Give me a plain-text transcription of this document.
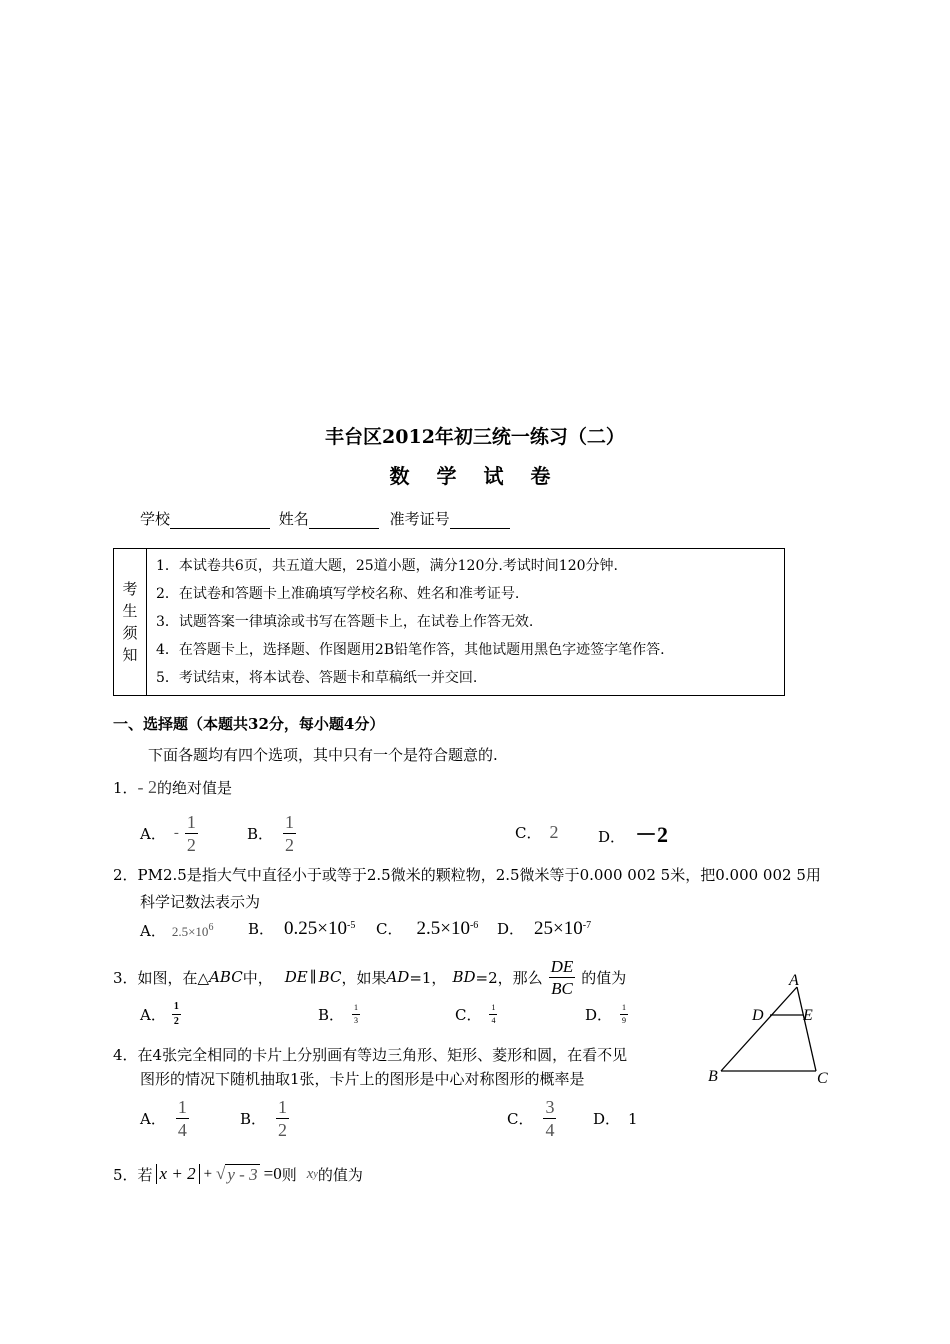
丰台区2012年初三统一练习（二）
数 学 试 卷
学校	姓名	准考证号
考
生
须
知

1．本试卷共6页，共五道大题，25道小题，满分120分.考试时间120分钟.
2．在试卷和答题卡上准确填写学校名称、姓名和准考证号.
3．试题答案一律填涂或书写在答题卡上，在试卷上作答无效.
4．在答题卡上，选择题、作图题用2B铅笔作答，其他试题用黑色字迹签字笔作答.
5．考试结束，将本试卷、答题卡和草稿纸一并交回.
一、选择题（本题共32分，每小题4分）
下面各题均有四个选项，其中只有一个是符合题意的.
1．- 2的绝对值是
A． - $\frac{1}{2}$	B． $\frac{1}{2}$	C． 2	D． －2
2．PM2.5是指大气中直径小于或等于2.5微米的颗粒物，2.5微米等于0.000 002 5米，把0.000 002 5用
科学记数法表示为
A． $2.5\times 10^6$ B． $0.25\times 10^{-5}$ C． $2.5\times 10^{-6}$ D． $25\times 10^{-7}$
3．如图，在△ ABC 中， DE ∥ BC ，如果 AD =1， BD =2，那么 $\frac{DE}{BC}$ 的值为
A． $\frac{1}{2}$	B． $\frac{1}{3}$	C． $\frac{1}{4}$	D． $\frac{1}{9}$
A
D E
B	C
4．在4张完全相同的卡片上分别画有等边三角形、矩形、菱形和圆，在看不见
图形的情况下随机抽取1张，卡片上的图形是中心对称图形的概率是
A． $\frac{1}{4}$	B． $\frac{1}{2}$	C． $\frac{3}{4}$ D． 1
5．若 x + 2 + √ y - 3 =0 则 x y 的值为
